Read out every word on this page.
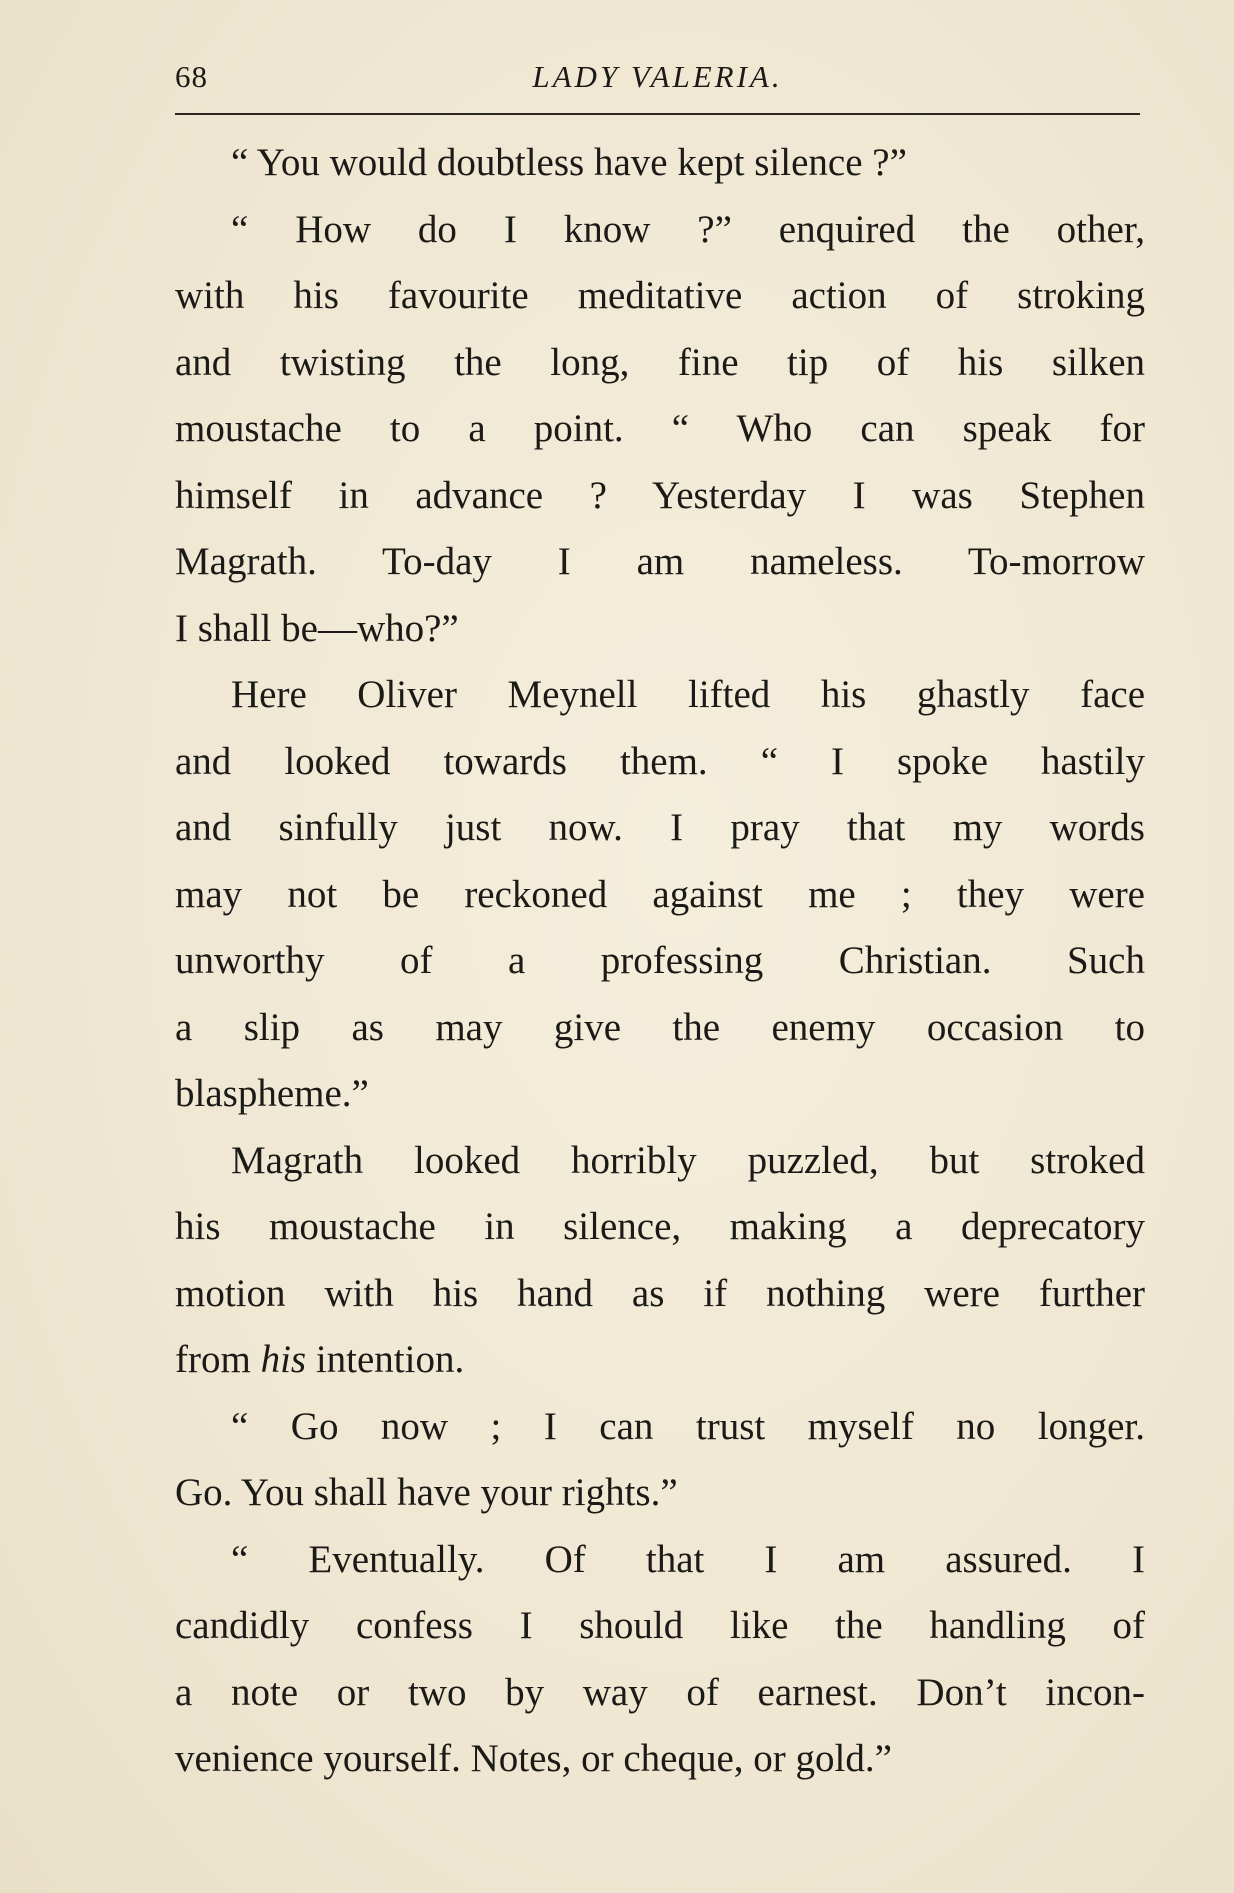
68	LADY VALERIA.
“ You would doubtless have kept silence ?”
“ How do I know ?” enquired the other,
with his favourite meditative action of stroking
and twisting the long, fine tip of his silken
moustache to a point. “ Who can speak for
himself in advance ? Yesterday I was Stephen
Magrath. To-day I am nameless. To-morrow
I shall be—who?”
Here Oliver Meynell lifted his ghastly face
and looked towards them. “ I spoke hastily
and sinfully just now. I pray that my words
may not be reckoned against me ; they were
unworthy of a professing Christian. Such
a slip as may give the enemy occasion to
blaspheme.”
Magrath looked horribly puzzled, but stroked
his moustache in silence, making a deprecatory
motion with his hand as if nothing were further
from his intention.
“ Go now ; I can trust myself no longer.
Go. You shall have your rights.”
“ Eventually. Of that I am assured. I
candidly confess I should like the handling of
a note or two by way of earnest. Don’t incon-
venience yourself. Notes, or cheque, or gold.”
